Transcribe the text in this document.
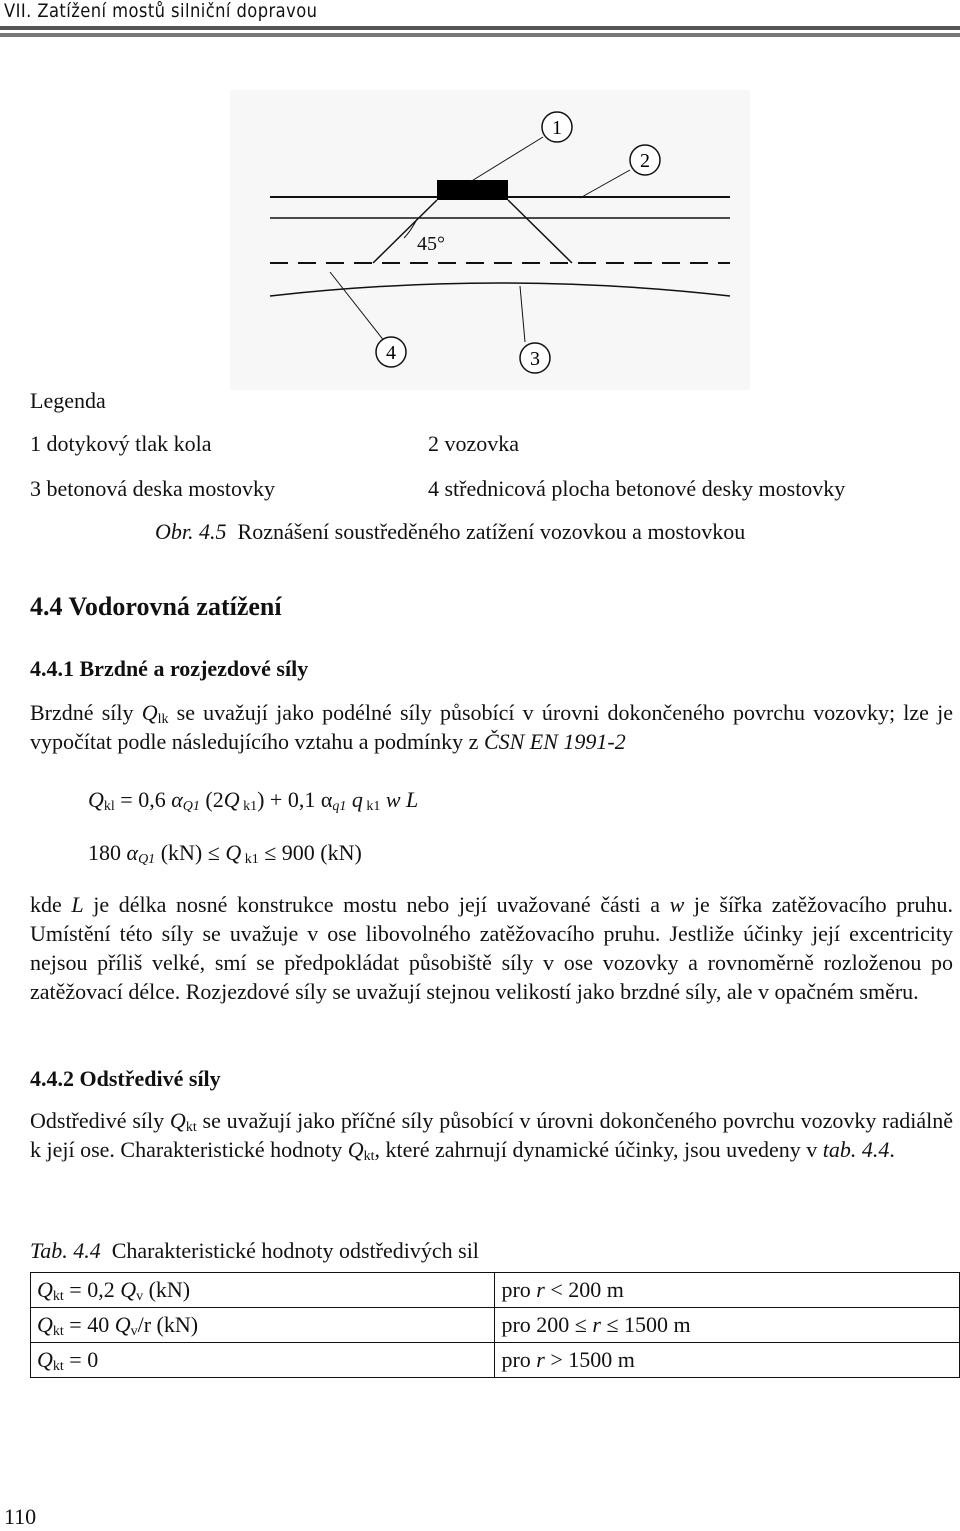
VII. Zatížení mostů silniční dopravou
45°
1
2
3
4
Legenda
1 dotykový tlak kola	2 vozovka
3 betonová deska mostovky	4 střednicová plocha betonové desky mostovky
Obr. 4.5 Roznášení soustředěného zatížení vozovkou a mostovkou
4.4 Vodorovná zatížení
4.4.1 Brzdné a rozjezdové síly
Brzdné síly $Q_{lk}$ se uvažují jako podélné síly působící v úrovni dokončeného povrchu vozovky; lze je vypočítat podle následujícího vztahu a podmínky z ČSN EN 1991-2
$Q_{kl} = 0,6$ $\alpha_{Q1}$ (2Q $_{k1}$) + 0,1 $\alpha_{q1}$ q $_{k1}$ w L
180 $\alpha_{Q1}$ (kN) ≤ Q $_{k1}$ ≤ 900 (kN)
kde L je délka nosné konstrukce mostu nebo její uvažované části a w je šířka zatěžovacího pruhu. Umístění této síly se uvažuje v ose libovolného zatěžovacího pruhu. Jestliže účinky její excentricity nejsou příliš velké, smí se předpokládat působiště síly v ose vozovky a rovnoměrně rozloženou po zatěžovací délce. Rozjezdové síly se uvažují stejnou velikostí jako brzdné síly, ale v opačném směru.
4.4.2 Odstředivé síly
Odstředivé síly $Q_{kt}$ se uvažují jako příčné síly působící v úrovni dokončeného povrchu vozovky radiálně k její ose. Charakteristické hodnoty $Q_{kt}$, které zahrnují dynamické účinky, jsou uvedeny v tab. 4.4.
Tab. 4.4 Charakteristické hodnoty odstředivých sil
$Q_{kt} = 0,2$ $Q_v$ (kN)	pro r < 200 m
$Q_{kt} = 40$ $Q_v/r$ (kN)	pro 200 ≤ r ≤ 1500 m
$Q_{kt} = 0$	pro r > 1500 m
110
